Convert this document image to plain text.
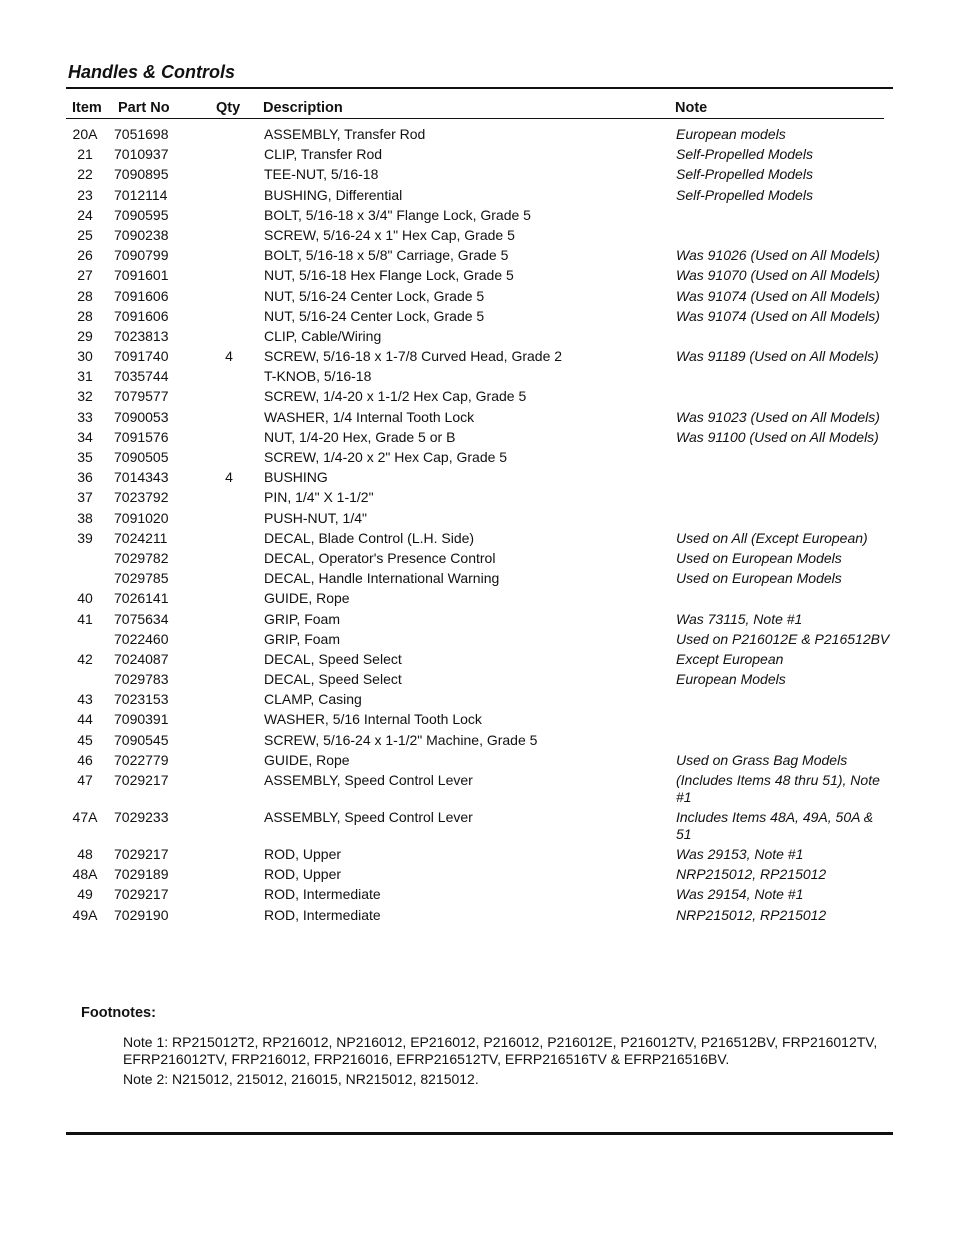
Handles & Controls
Item Part No	Qty Description	Note
20A 7051698	ASSEMBLY, Transfer Rod	European models
21	7010937	CLIP, Transfer Rod	Self-Propelled Models
22	7090895	TEE-NUT, 5/16-18	Self-Propelled Models
23	7012114	BUSHING, Differential	Self-Propelled Models
24	7090595	BOLT, 5/16-18 x 3/4" Flange Lock, Grade 5
25	7090238	SCREW, 5/16-24 x 1" Hex Cap, Grade 5
26	7090799	BOLT, 5/16-18 x 5/8" Carriage, Grade 5	Was 91026 (Used on All Models)
27	7091601	NUT, 5/16-18 Hex Flange Lock, Grade 5	Was 91070 (Used on All Models)
28	7091606	NUT, 5/16-24 Center Lock, Grade 5	Was 91074 (Used on All Models)
28	7091606	NUT, 5/16-24 Center Lock, Grade 5	Was 91074 (Used on All Models)
29	7023813	CLIP, Cable/Wiring
30	7091740	4 SCREW, 5/16-18 x 1-7/8 Curved Head, Grade 2	Was 91189 (Used on All Models)
31	7035744	T-KNOB, 5/16-18
32	7079577	SCREW, 1/4-20 x 1-1/2 Hex Cap, Grade 5
33	7090053	WASHER, 1/4 Internal Tooth Lock	Was 91023 (Used on All Models)
34	7091576	NUT, 1/4-20 Hex, Grade 5 or B	Was 91100 (Used on All Models)
35	7090505	SCREW, 1/4-20 x 2" Hex Cap, Grade 5
36	7014343	4 BUSHING
37	7023792	PIN, 1/4" X 1-1/2"
38	7091020	PUSH-NUT, 1/4"
39	7024211	DECAL, Blade Control (L.H. Side)	Used on All (Except European)
7029782	DECAL, Operator's Presence Control	Used on European Models
7029785	DECAL, Handle International Warning	Used on European Models
40	7026141	GUIDE, Rope
41	7075634	GRIP, Foam	Was 73115, Note #1
7022460	GRIP, Foam	Used on P216012E & P216512BV
42	7024087	DECAL, Speed Select	Except European
7029783	DECAL, Speed Select	European Models
43	7023153	CLAMP, Casing
44	7090391	WASHER, 5/16 Internal Tooth Lock
45	7090545	SCREW, 5/16-24 x 1-1/2" Machine, Grade 5
46	7022779	GUIDE, Rope	Used on Grass Bag Models
47	7029217	ASSEMBLY, Speed Control Lever	(Includes Items 48 thru 51), Note #1
47A 7029233	ASSEMBLY, Speed Control Lever	Includes Items 48A, 49A, 50A & 51
48	7029217	ROD, Upper	Was 29153, Note #1
48A 7029189	ROD, Upper	NRP215012, RP215012
49	7029217	ROD, Intermediate	Was 29154, Note #1
49A 7029190	ROD, Intermediate	NRP215012, RP215012
Footnotes:
Note 1: RP215012T2, RP216012, NP216012, EP216012, P216012, P216012E, P216012TV, P216512BV, FRP216012TV, EFRP216012TV, FRP216012, FRP216016, EFRP216512TV, EFRP216516TV & EFRP216516BV.
Note 2: N215012, 215012, 216015, NR215012, 8215012.
